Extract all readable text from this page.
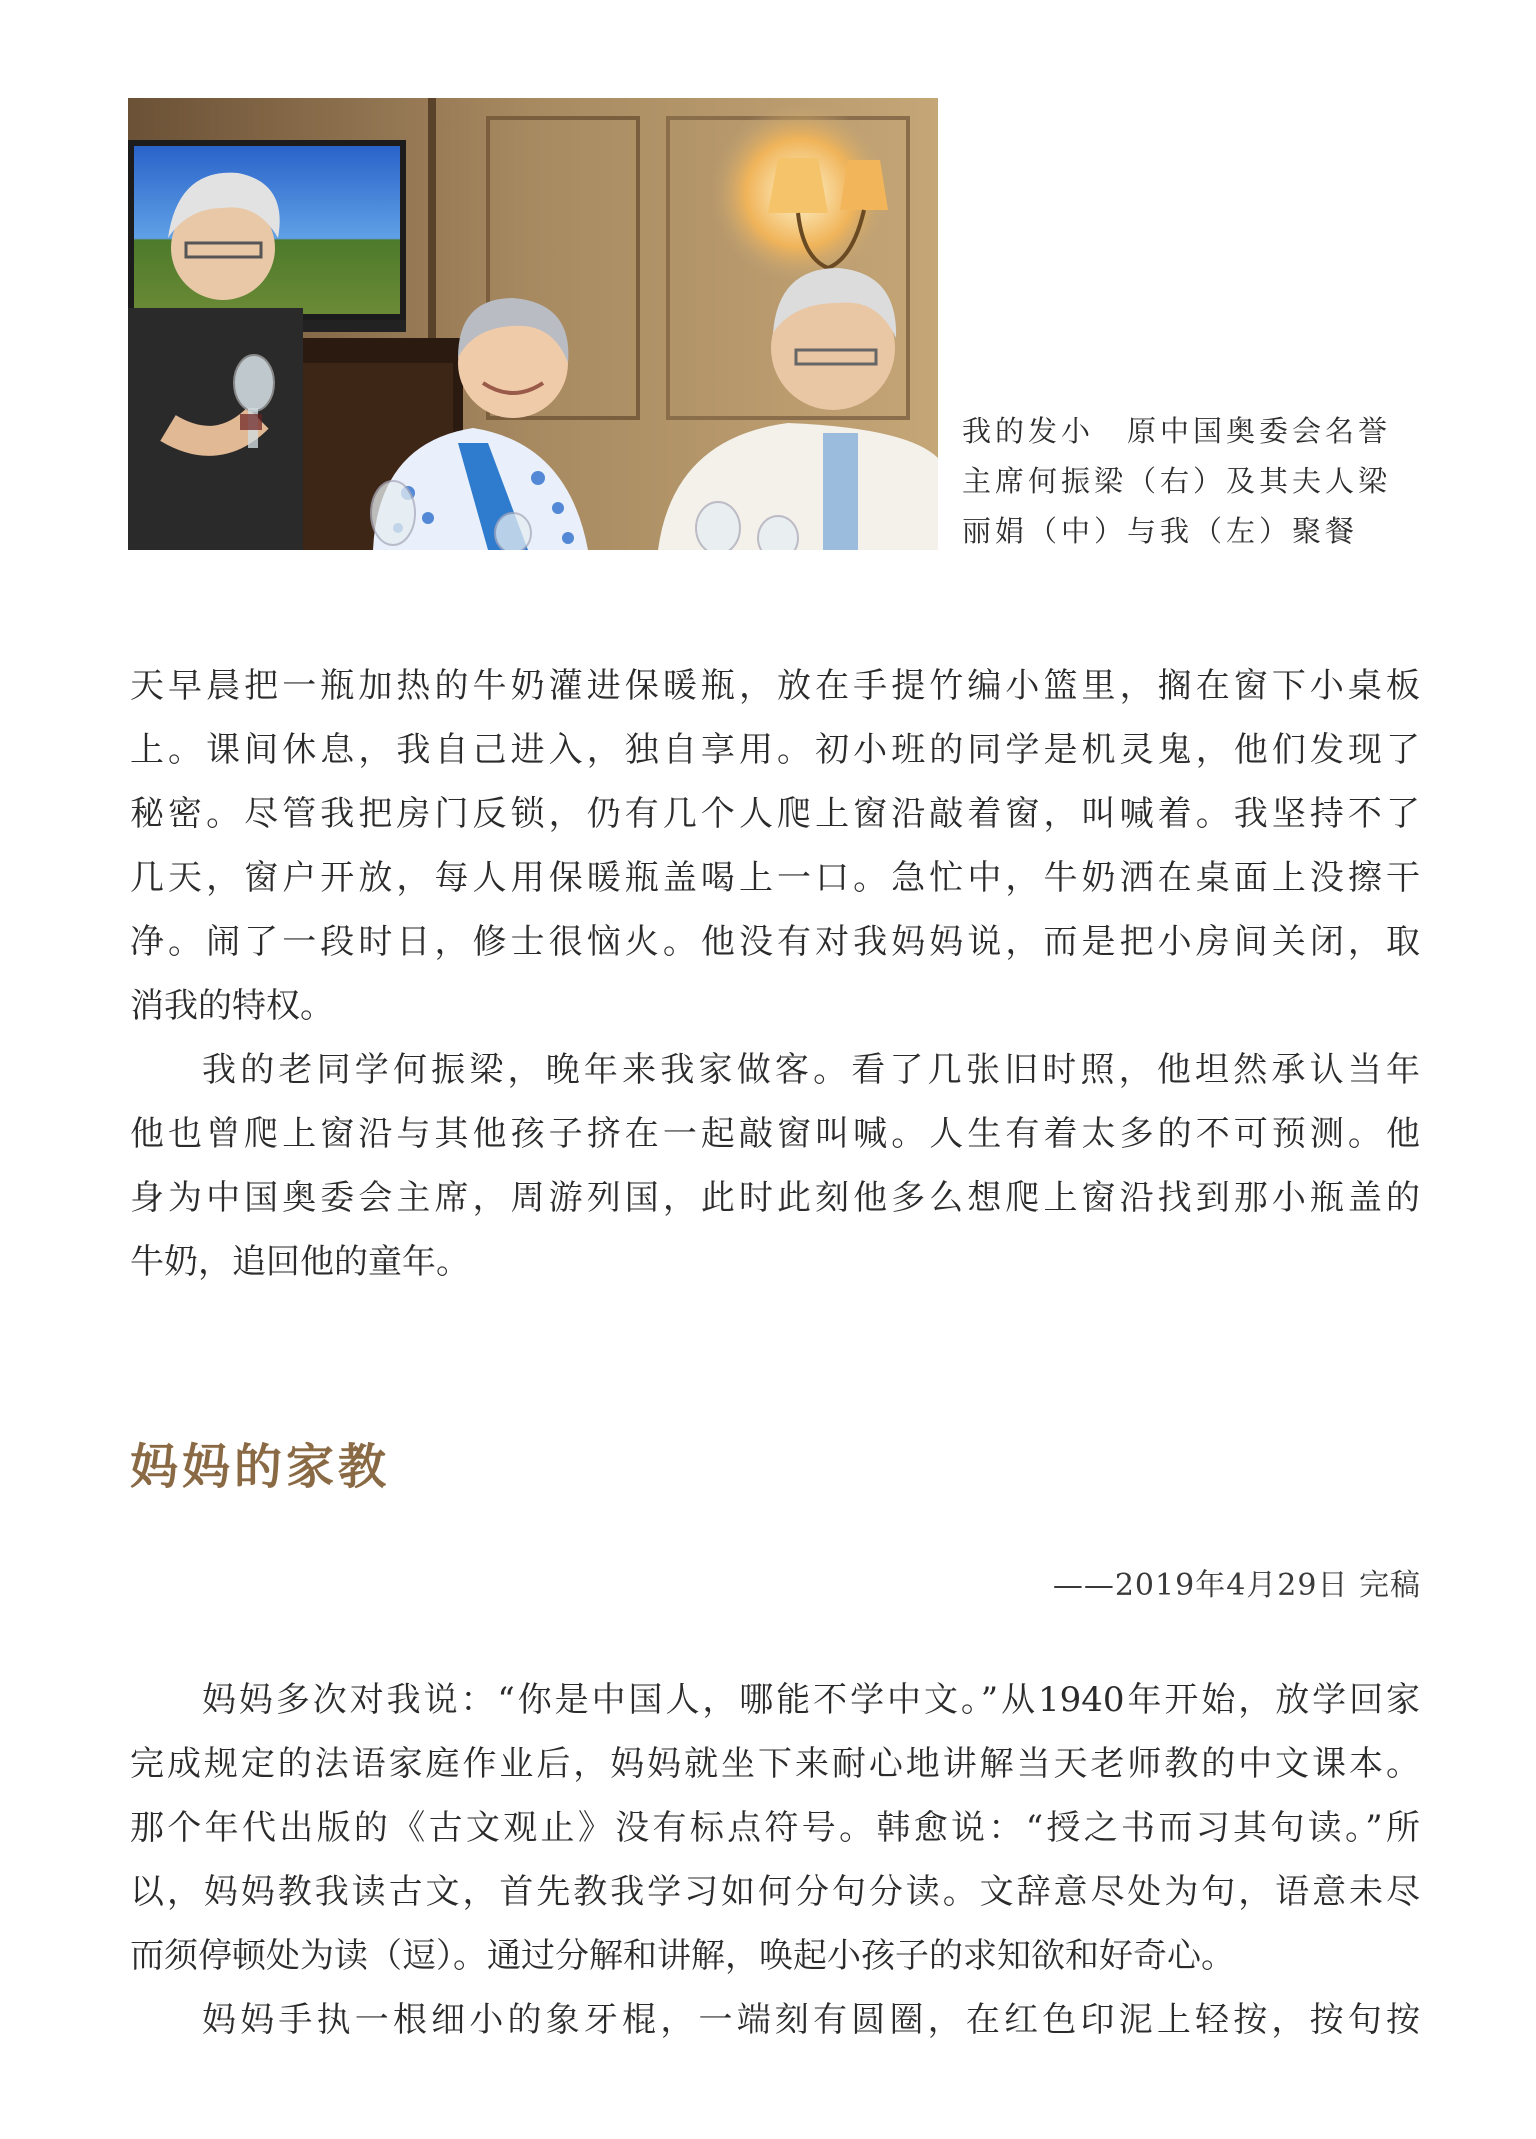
我的发小　原中国奥委会名誉
主席何振梁（右）及其夫人梁
丽娟（中）与我（左）聚餐
天早晨把一瓶加热的牛奶灌进保暖瓶，放在手提竹编小篮里，搁在窗下小桌板
上。课间休息，我自己进入，独自享用。初小班的同学是机灵鬼，他们发现了
秘密。尽管我把房门反锁，仍有几个人爬上窗沿敲着窗，叫喊着。我坚持不了
几天，窗户开放，每人用保暖瓶盖喝上一口。急忙中，牛奶洒在桌面上没擦干
净。闹了一段时日，修士很恼火。他没有对我妈妈说，而是把小房间关闭，取
消我的特权。
我的老同学何振梁，晚年来我家做客。看了几张旧时照，他坦然承认当年
他也曾爬上窗沿与其他孩子挤在一起敲窗叫喊。人生有着太多的不可预测。他
身为中国奥委会主席，周游列国，此时此刻他多么想爬上窗沿找到那小瓶盖的
牛奶，追回他的童年。
妈妈的家教
——2019年4月29日 完稿
妈妈多次对我说：“你是中国人，哪能不学中文。”从1940年开始，放学回家
完成规定的法语家庭作业后，妈妈就坐下来耐心地讲解当天老师教的中文课本。
那个年代出版的《古文观止》没有标点符号。韩愈说：“授之书而习其句读。”所
以，妈妈教我读古文，首先教我学习如何分句分读。文辞意尽处为句，语意未尽
而须停顿处为读（逗）。通过分解和讲解，唤起小孩子的求知欲和好奇心。
妈妈手执一根细小的象牙棍，一端刻有圆圈，在红色印泥上轻按，按句按
